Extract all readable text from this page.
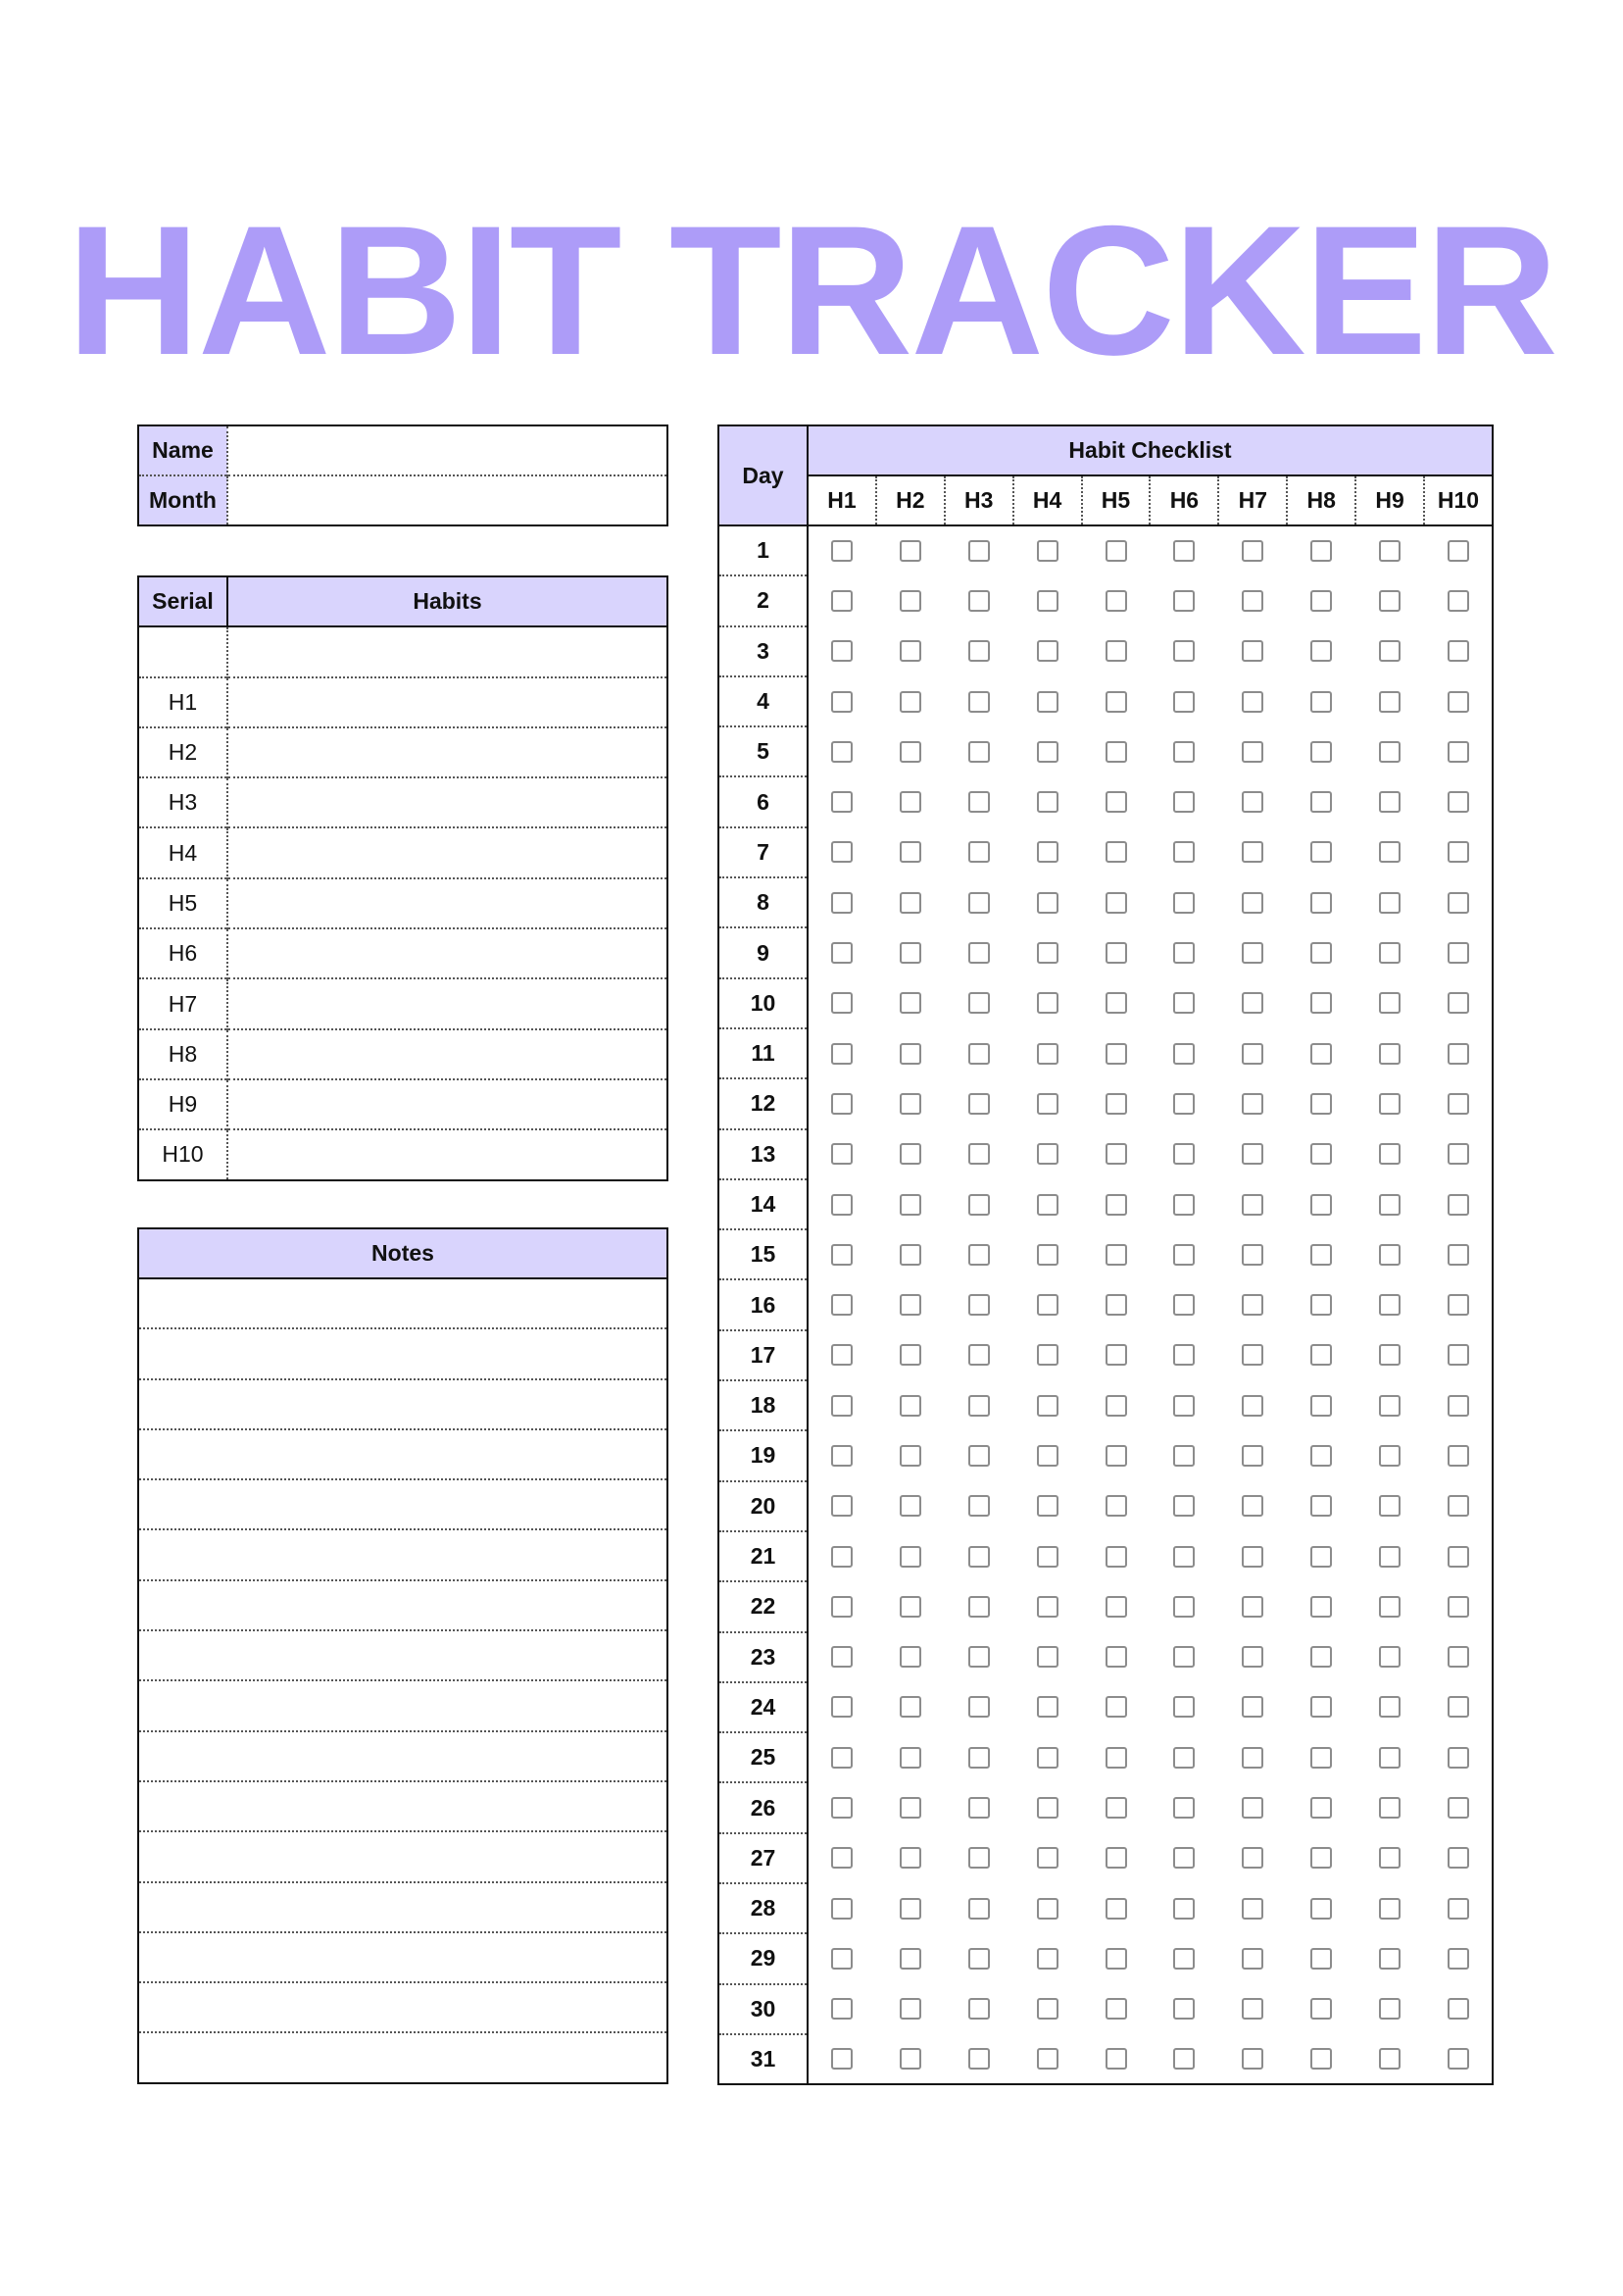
HABIT TRACKER
Name	
Month	
Serial	Habits

H1	
H2	
H3	
H4	
H5	
H6	
H7	
H8	
H9	
H10	
Notes

Day	Habit Checklist									
	H1	H2	H3	H4	H5	H6	H7	H8	H9	H10
1										
2										
3										
4										
5										
6										
7										
8										
9										
10										
11										
12										
13										
14										
15										
16										
17										
18										
19										
20										
21										
22										
23										
24										
25										
26										
27										
28										
29										
30										
31										
